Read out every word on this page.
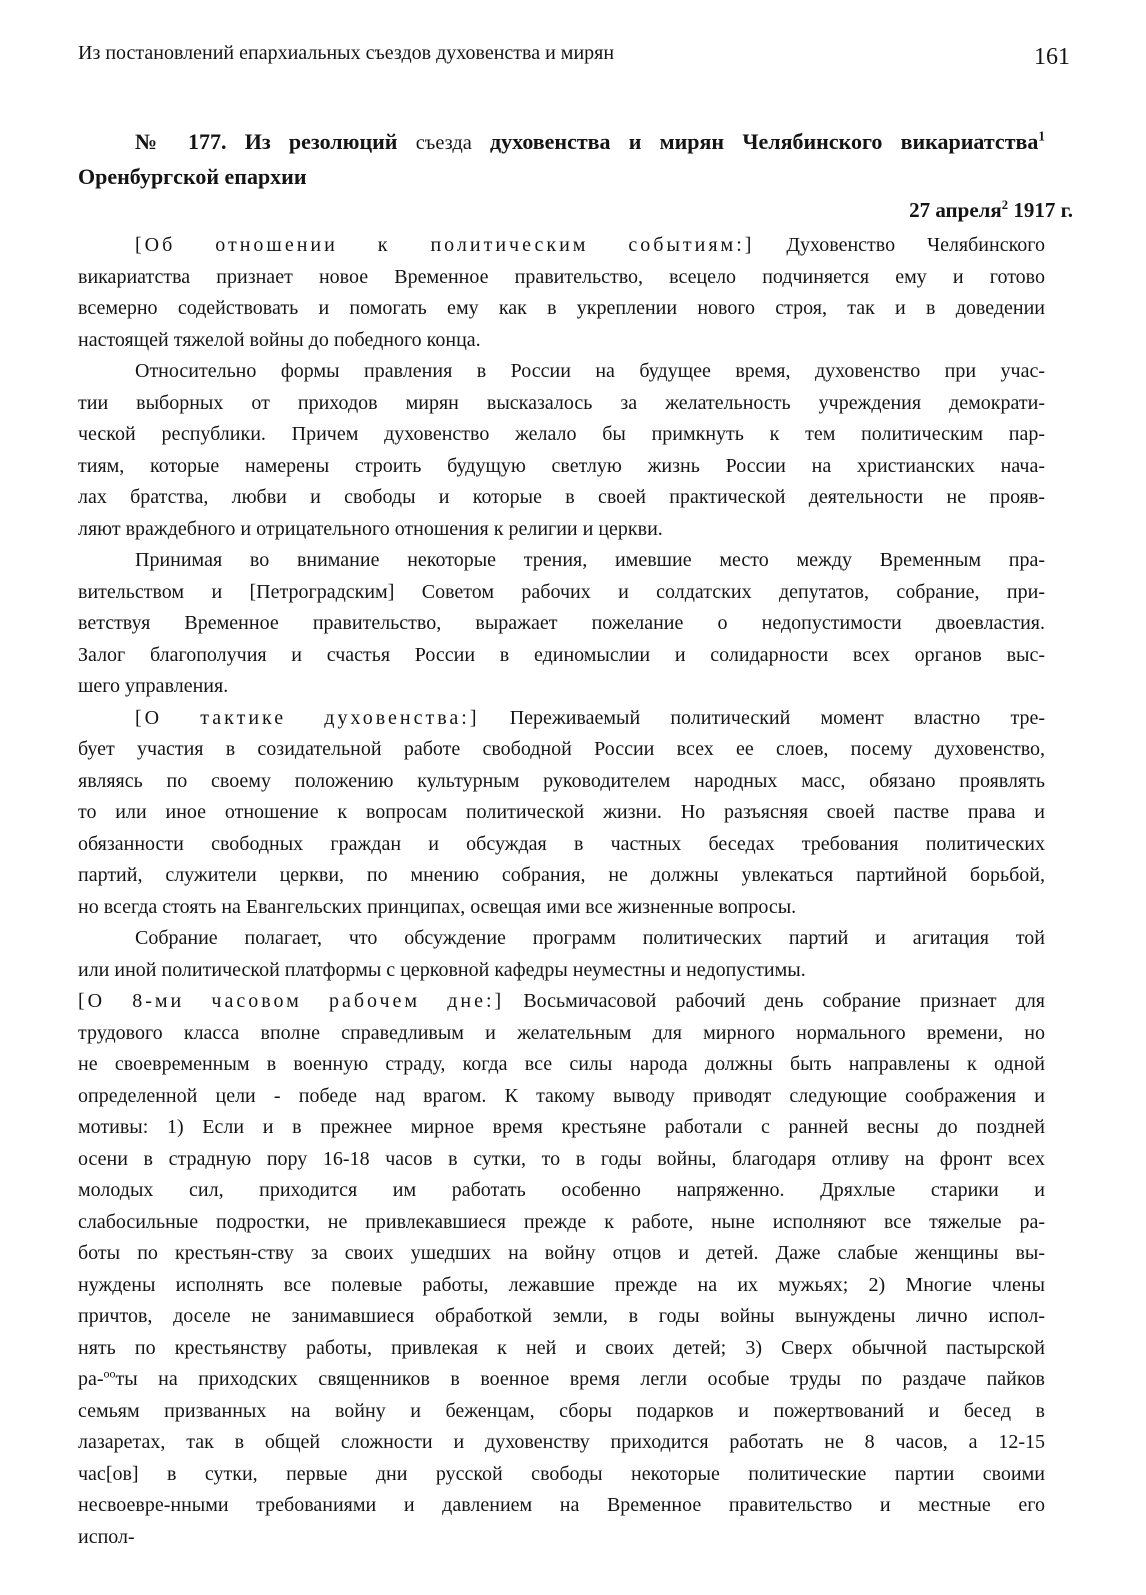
Из постановлений епархиальных съездов духовенства и мирян	161
№ 177. Из резолюций съезда духовенства и мирян Челябинского викариатства$^1$
Оренбургской епархии
27 апреля$^2$ 1917 г.
[Об отношении к политическим событиям:] Духовенство Челябинского
викариатства признает новое Временное правительство, всецело подчиняется ему и готово
всемерно содействовать и помогать ему как в укреплении нового строя, так и в доведении
настоящей тяжелой войны до победного конца.
Относительно формы правления в России на будущее время, духовенство при учас-
тии выборных от приходов мирян высказалось за желательность учреждения демократи-
ческой республики. Причем духовенство желало бы примкнуть к тем политическим пар-
тиям, которые намерены строить будущую светлую жизнь России на христианских нача-
лах братства, любви и свободы и которые в своей практической деятельности не прояв-
ляют враждебного и отрицательного отношения к религии и церкви.
Принимая во внимание некоторые трения, имевшие место между Временным пра-
вительством и [Петроградским] Советом рабочих и солдатских депутатов, собрание, при-
ветствуя Временное правительство, выражает пожелание о недопустимости двоевластия.
Залог благополучия и счастья России в единомыслии и солидарности всех органов выс-
шего управления.
[О тактике духовенства:] Переживаемый политический момент властно тре-
бует участия в созидательной работе свободной России всех ее слоев, посему духовенство,
являясь по своему положению культурным руководителем народных масс, обязано проявлять
то или иное отношение к вопросам политической жизни. Но разъясняя своей пастве права и
обязанности свободных граждан и обсуждая в частных беседах требования политических
партий, служители церкви, по мнению собрания, не должны увлекаться партийной борьбой,
но всегда стоять на Евангельских принципах, освещая ими все жизненные вопросы.
Собрание полагает, что обсуждение программ политических партий и агитация той
или иной политической платформы с церковной кафедры неуместны и недопустимы.
[О 8-ми часовом рабочем дне:] Восьмичасовой рабочий день собрание признает для
трудового класса вполне справедливым и желательным для мирного нормального времени, но
не своевременным в военную страду, когда все силы народа должны быть направлены к одной
определенной цели - победе над врагом. К такому выводу приводят следующие соображения и
мотивы: 1) Если и в прежнее мирное время крестьяне работали с ранней весны до поздней
осени в страдную пору 16-18 часов в сутки, то в годы войны, благодаря отливу на фронт всех
молодых сил, приходится им работать особенно напряженно. Дряхлые старики и
слабосильные подростки, не привлекавшиеся прежде к работе, ныне исполняют все тяжелые ра-
боты по крестьян-ству за своих ушедших на войну отцов и детей. Даже слабые женщины вы-
нуждены исполнять все полевые работы, лежавшие прежде на их мужьях; 2) Многие члены
причтов, доселе не занимавшиеся обработкой земли, в годы войны вынуждены лично испол-
нять по крестьянству работы, привлекая к ней и своих детей; 3) Сверх обычной пастырской
ра-$^{оо}$ты на приходских священников в военное время легли особые труды по раздаче пайков
семьям призванных на войну и беженцам, сборы подарков и пожертвований и бесед в
лазаретах, так в общей сложности и духовенству приходится работать не 8 часов, а 12-15
час[ов] в сутки, первые дни русской свободы некоторые политические партии своими
несвоевре-нными требованиями и давлением на Временное правительство и местные его
испол-
